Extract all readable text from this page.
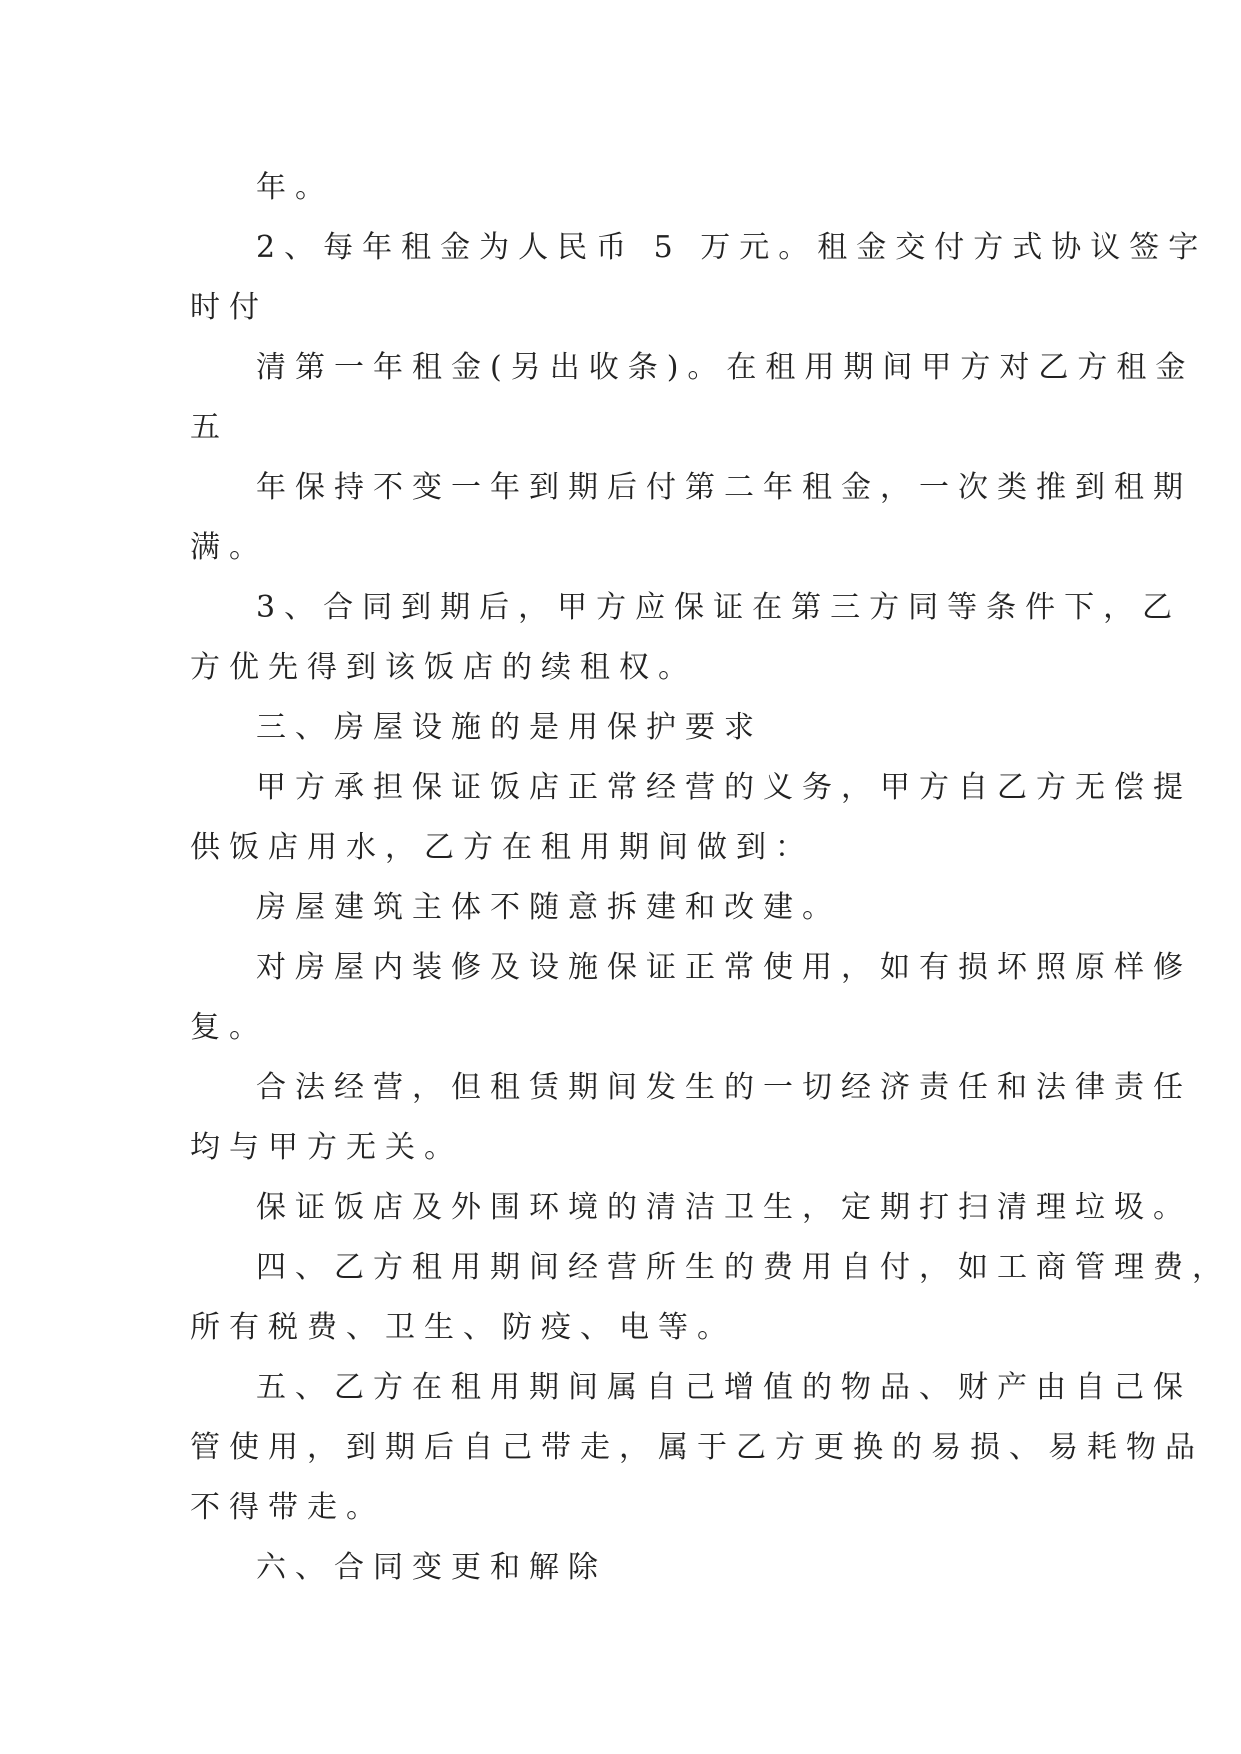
年。

2、每年租金为人民币 5 万元。租金交付方式协议签字

时付

清第一年租金(另出收条)。在租用期间甲方对乙方租金

五

年保持不变一年到期后付第二年租金，一次类推到租期

满。

3、合同到期后，甲方应保证在第三方同等条件下，乙

方优先得到该饭店的续租权。

三、房屋设施的是用保护要求

甲方承担保证饭店正常经营的义务，甲方自乙方无偿提

供饭店用水，乙方在租用期间做到：

房屋建筑主体不随意拆建和改建。

对房屋内装修及设施保证正常使用，如有损坏照原样修

复。

合法经营，但租赁期间发生的一切经济责任和法律责任

均与甲方无关。

保证饭店及外围环境的清洁卫生，定期打扫清理垃圾。

四、乙方租用期间经营所生的费用自付，如工商管理费，

所有税费、卫生、防疫、电等。

五、乙方在租用期间属自己增值的物品、财产由自己保

管使用，到期后自己带走，属于乙方更换的易损、易耗物品

不得带走。

六、合同变更和解除
